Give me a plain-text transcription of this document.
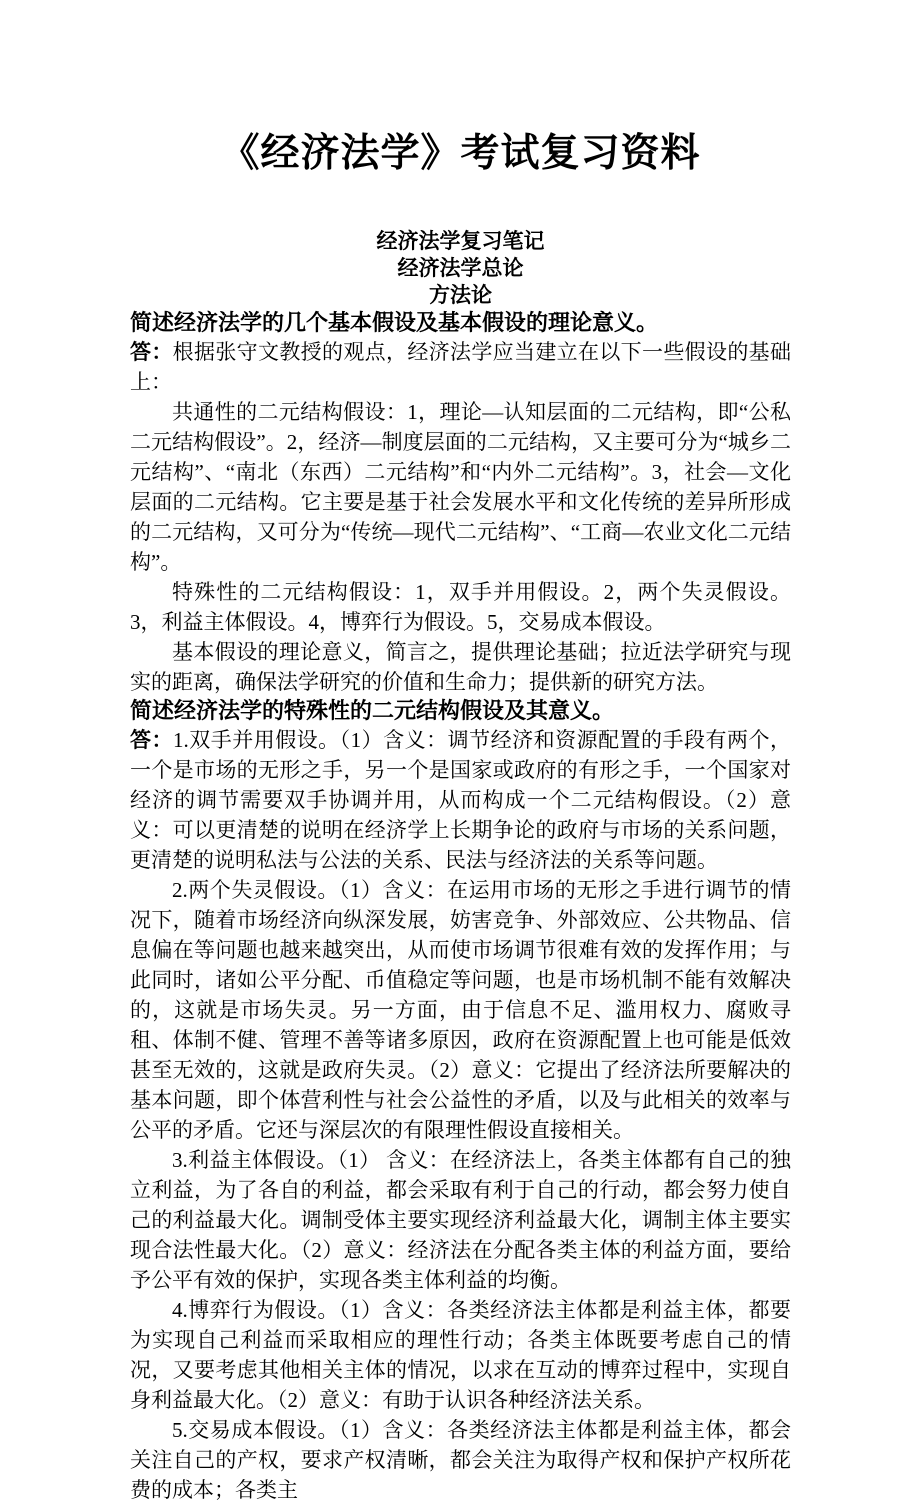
《经济法学》考试复习资料

经济法学复习笔记

经济法学总论

方法论

简述经济法学的几个基本假设及基本假设的理论意义。

答：根据张守文教授的观点，经济法学应当建立在以下一些假设的基础上：

共通性的二元结构假设：1，理论—认知层面的二元结构，即“公私二元结构假设”。2，经济—制度层面的二元结构，又主要可分为“城乡二元结构”、“南北（东西）二元结构”和“内外二元结构”。3，社会—文化层面的二元结构。它主要是基于社会发展水平和文化传统的差异所形成的二元结构，又可分为“传统—现代二元结构”、“工商—农业文化二元结构”。

特殊性的二元结构假设：1，双手并用假设。2，两个失灵假设。3，利益主体假设。4，博弈行为假设。5，交易成本假设。

基本假设的理论意义，简言之，提供理论基础；拉近法学研究与现实的距离，确保法学研究的价值和生命力；提供新的研究方法。

简述经济法学的特殊性的二元结构假设及其意义。

答：1.双手并用假设。（1）含义：调节经济和资源配置的手段有两个，一个是市场的无形之手，另一个是国家或政府的有形之手，一个国家对经济的调节需要双手协调并用，从而构成一个二元结构假设。（2）意义：可以更清楚的说明在经济学上长期争论的政府与市场的关系问题，更清楚的说明私法与公法的关系、民法与经济法的关系等问题。

2.两个失灵假设。（1）含义：在运用市场的无形之手进行调节的情况下，随着市场经济向纵深发展，妨害竞争、外部效应、公共物品、信息偏在等问题也越来越突出，从而使市场调节很难有效的发挥作用；与此同时，诸如公平分配、币值稳定等问题，也是市场机制不能有效解决的，这就是市场失灵。另一方面，由于信息不足、滥用权力、腐败寻租、体制不健、管理不善等诸多原因，政府在资源配置上也可能是低效甚至无效的，这就是政府失灵。（2）意义：它提出了经济法所要解决的基本问题，即个体营利性与社会公益性的矛盾，以及与此相关的效率与公平的矛盾。它还与深层次的有限理性假设直接相关。

3.利益主体假设。（1） 含义：在经济法上，各类主体都有自己的独立利益，为了各自的利益，都会采取有利于自己的行动，都会努力使自己的利益最大化。调制受体主要实现经济利益最大化，调制主体主要实现合法性最大化。（2）意义：经济法在分配各类主体的利益方面，要给予公平有效的保护，实现各类主体利益的均衡。

4.博弈行为假设。（1）含义：各类经济法主体都是利益主体，都要为实现自己利益而采取相应的理性行动；各类主体既要考虑自己的情况，又要考虑其他相关主体的情况，以求在互动的博弈过程中，实现自身利益最大化。（2）意义：有助于认识各种经济法关系。

5.交易成本假设。（1）含义：各类经济法主体都是利益主体，都会关注自己的产权，要求产权清晰，都会关注为取得产权和保护产权所花费的成本；各类主
